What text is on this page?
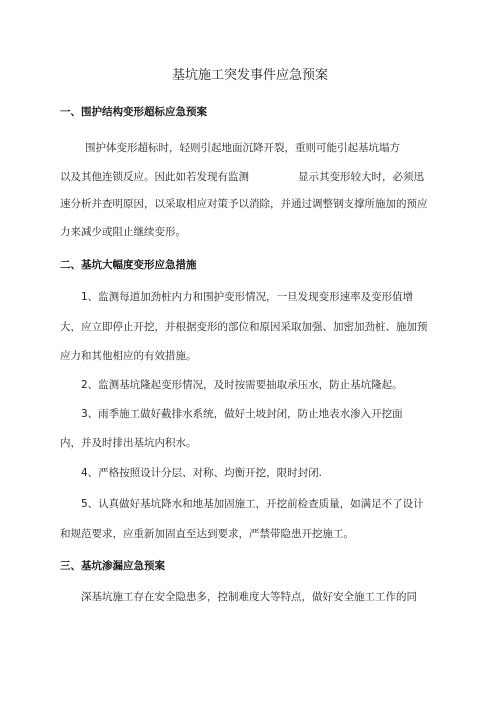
基坑施工突发事件应急预案
一、围护结构变形超标应急预案
围护体变形超标时，轻则引起地面沉降开裂，重则可能引起基坑塌方
以及其他连锁反应。因此如若发现有监测	显示其变形较大时，必须迅
速分析并查明原因，以采取相应对策予以消除，并通过调整钢支撑所施加的预应
力来减少或阻止继续变形。
二、基坑大幅度变形应急措施
1、监测每道加劲桩内力和围护变形情况，一旦发现变形速率及变形值增
大，应立即停止开挖，并根据变形的部位和原因采取加强、加密加劲桩、施加预
应力和其他相应的有效措施。
2、监测基坑隆起变形情况，及时按需要抽取承压水，防止基坑隆起。
3、雨季施工做好截排水系统，做好土坡封闭，防止地表水渗入开挖面
内，并及时排出基坑内积水。
4、严格按照设计分层、对称、均衡开挖，限时封闭.
5、认真做好基坑降水和地基加固施工，开挖前检查质量，如满足不了设计
和规范要求，应重新加固直至达到要求，严禁带隐患开挖施工。
三、基坑渗漏应急预案
深基坑施工存在安全隐患多，控制难度大等特点，做好安全施工工作的同
